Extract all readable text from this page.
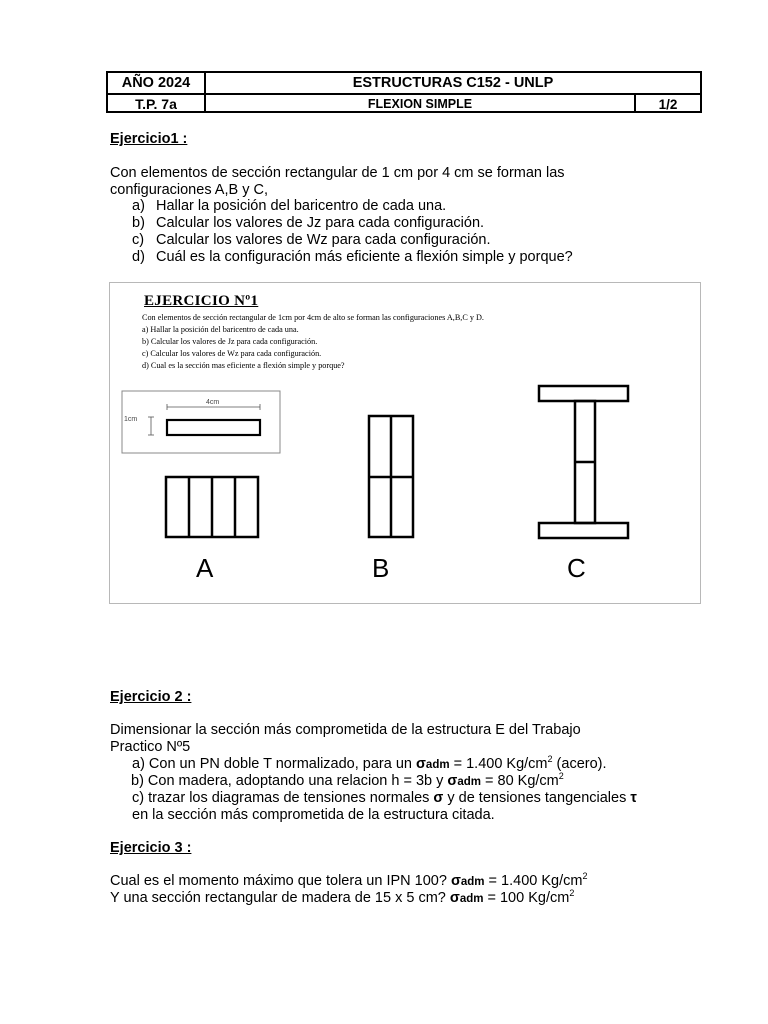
AÑO 2024	ESTRUCTURAS C152 - UNLP
T.P. 7a	FLEXION SIMPLE	1/2
Ejercicio1 :
Con elementos de sección rectangular de 1 cm por 4 cm se forman las
configuraciones A,B y C,
a) Hallar la posición del baricentro de cada una.
b) Calcular los valores de Jz para cada configuración.
c) Calcular los valores de Wz para cada configuración.
d) Cuál es la configuración más eficiente a flexión simple y porque?
EJERCICIO Nº1
Con elementos de sección rectangular de 1cm por 4cm de alto se forman las configuraciones A,B,C y D.
a) Hallar la posición del baricentro de cada una.
b) Calcular los valores de Jz para cada configuración.
c) Calcular los valores de Wz para cada configuración.
d) Cual es la sección mas eficiente a flexión simple y porque?
1cm
4cm
A	B	C
Ejercicio 2 :
Dimensionar la sección más comprometida de la estructura E del Trabajo
Practico Nº5
a) Con un PN doble T normalizado, para un σadm = 1.400 $Kg/cm^2$ (acero).
b) Con madera, adoptando una relacion h = 3b y σadm = 80 $Kg/cm^2$
c) trazar los diagramas de tensiones normales σ y de tensiones tangenciales τ
en la sección más comprometida de la estructura citada.
Ejercicio 3 :
Cual es el momento máximo que tolera un IPN 100? σadm = 1.400 $Kg/cm^2$
Y una sección rectangular de madera de 15 x 5 cm? σadm = 100 $Kg/cm^2$
